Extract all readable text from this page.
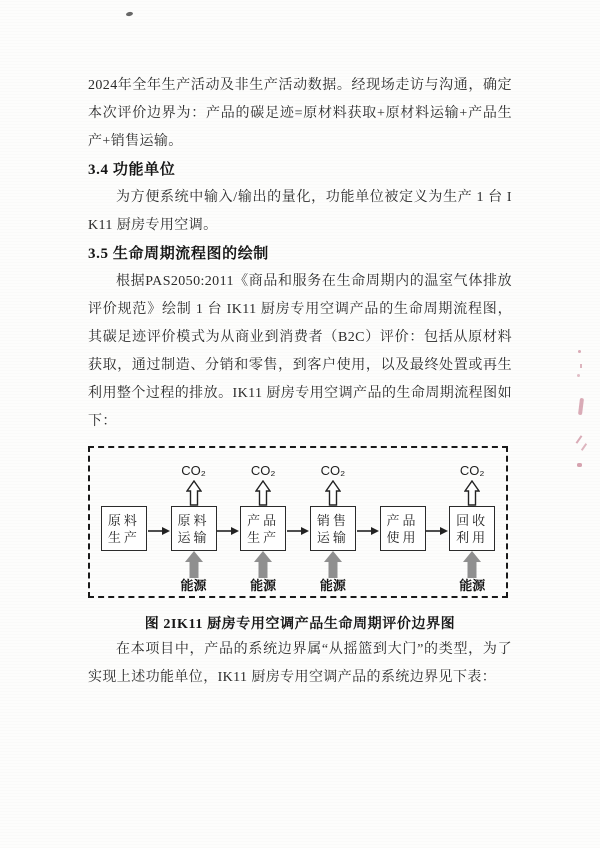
2024年全年生产活动及非生产活动数据。经现场走访与沟通，确定本次评价边界为：产品的碳足迹=原材料获取+原材料运输+产品生产+销售运输。

3.4 功能单位

为方便系统中输入/输出的量化，功能单位被定义为生产 1 台 IK11 厨房专用空调。

3.5 生命周期流程图的绘制

根据PAS2050:2011《商品和服务在生命周期内的温室气体排放评价规范》绘制 1 台 IK11 厨房专用空调产品的生命周期流程图，其碳足迹评价模式为从商业到消费者（B2C）评价：包括从原材料获取，通过制造、分销和零售，到客户使用，以及最终处置或再生利用整个过程的排放。IK11 厨房专用空调产品的生命周期流程图如下：

原料生产
CO₂
原料运输
能源
CO₂
产品生产
能源
CO₂
销售运输
能源
产品使用
CO₂
回收利用
能源

图 2IK11 厨房专用空调产品生命周期评价边界图

在本项目中，产品的系统边界属“从摇篮到大门”的类型，为了实现上述功能单位，IK11 厨房专用空调产品的系统边界见下表：
